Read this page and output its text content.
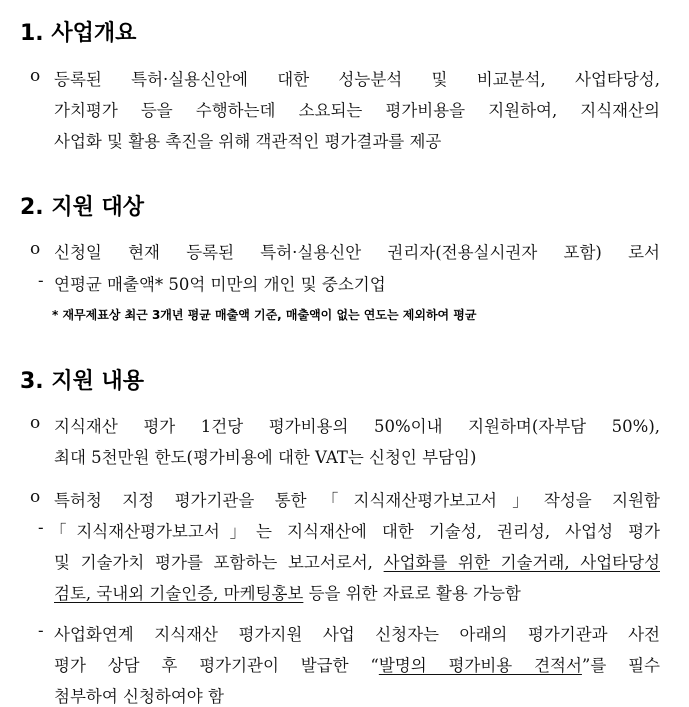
1. 사업개요
o 등록된 특허·실용신안에 대한 성능분석 및 비교분석, 사업타당성,
가치평가 등을 수행하는데 소요되는 평가비용을 지원하여, 지식재산의
사업화 및 활용 촉진을 위해 객관적인 평가결과를 제공
2. 지원 대상
o 신청일 현재 등록된 특허·실용신안 권리자(전용실시권자 포함) 로서
- 연평균 매출액* 50억 미만의 개인 및 중소기업
* 재무제표상 최근 3개년 평균 매출액 기준, 매출액이 없는 연도는 제외하여 평균
3. 지원 내용
o 지식재산 평가 1건당 평가비용의 50%이내 지원하며(자부담 50%),
최대 5천만원 한도(평가비용에 대한 VAT는 신청인 부담임)
o 특허청 지정 평가기관을 통한「지식재산평가보고서」작성을 지원함
- 「지식재산평가보고서」는 지식재산에 대한 기술성, 권리성, 사업성 평가
및 기술가치 평가를 포함하는 보고서로서, 사업화를 위한 기술거래, 사업타당성
검토, 국내외 기술인증, 마케팅홍보 등을 위한 자료로 활용 가능함
- 사업화연계 지식재산 평가지원 사업 신청자는 아래의 평가기관과 사전
평가 상담 후 평가기관이 발급한 “발명의 평가비용 견적서”를 필수
첨부하여 신청하여야 함
